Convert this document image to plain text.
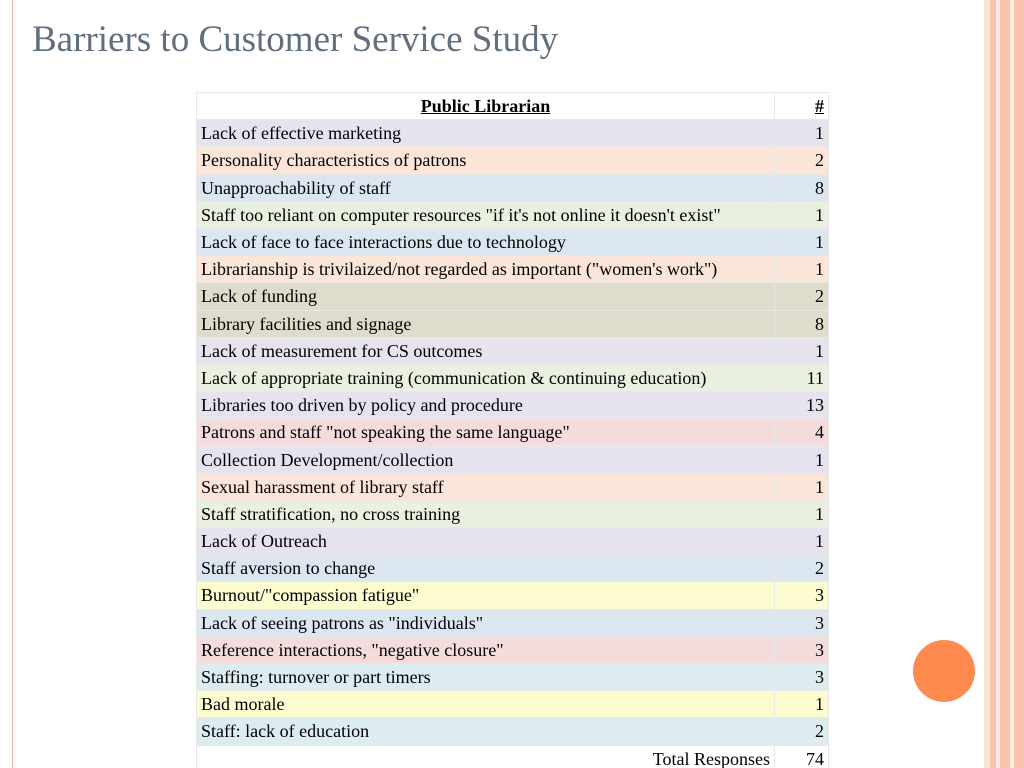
Barriers to Customer Service Study
Public Librarian	#
Lack of effective marketing	1
Personality characteristics of patrons	2
Unapproachability of staff	8
Staff too reliant on computer resources "if it's not online it doesn't exist"	1
Lack of face to face interactions due to technology	1
Librarianship is trivilaized/not regarded as important ("women's work")	1
Lack of funding	2
Library facilities and signage	8
Lack of measurement for CS outcomes	1
Lack of appropriate training (communication & continuing education)	11
Libraries too driven by policy and procedure	13
Patrons and staff "not speaking the same language"	4
Collection Development/collection	1
Sexual harassment of library staff	1
Staff stratification, no cross training	1
Lack of Outreach	1
Staff aversion to change	2
Burnout/"compassion fatigue"	3
Lack of seeing patrons as "individuals"	3
Reference interactions, "negative closure"	3
Staffing: turnover or part timers	3
Bad morale	1
Staff: lack of education	2
Total Responses	74
